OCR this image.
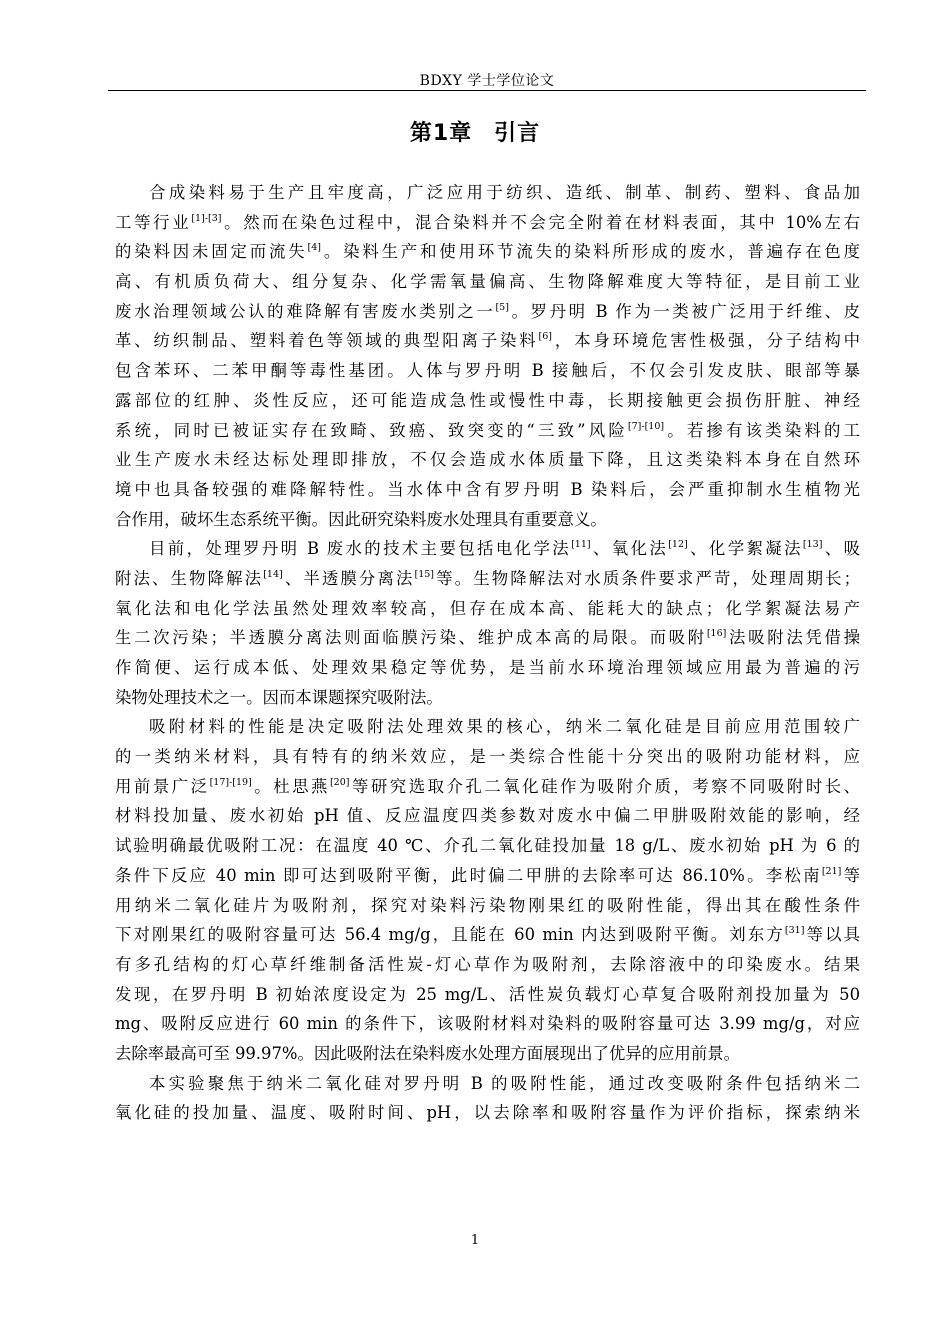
BDXY 学士学位论文
第1章 引言
合成染料易于生产且牢度高，广泛应用于纺织、造纸、制革、制药、塑料、食品加
工等行业[1]-[3]。然而在染色过程中，混合染料并不会完全附着在材料表面，其中 10%左右
的染料因未固定而流失[4]。染料生产和使用环节流失的染料所形成的废水，普遍存在色度
高、有机质负荷大、组分复杂、化学需氧量偏高、生物降解难度大等特征，是目前工业
废水治理领域公认的难降解有害废水类别之一[5]。罗丹明 B 作为一类被广泛用于纤维、皮
革、纺织制品、塑料着色等领域的典型阳离子染料[6]，本身环境危害性极强，分子结构中
包含苯环、二苯甲酮等毒性基团。人体与罗丹明 B 接触后，不仅会引发皮肤、眼部等暴
露部位的红肿、炎性反应，还可能造成急性或慢性中毒，长期接触更会损伤肝脏、神经
系统，同时已被证实存在致畸、致癌、致突变的“三致”风险[7]-[10]。若掺有该类染料的工
业生产废水未经达标处理即排放，不仅会造成水体质量下降，且这类染料本身在自然环
境中也具备较强的难降解特性。当水体中含有罗丹明 B 染料后，会严重抑制水生植物光
合作用，破坏生态系统平衡。因此研究染料废水处理具有重要意义。
目前，处理罗丹明 B 废水的技术主要包括电化学法[11]、氧化法[12]、化学絮凝法[13]、吸
附法、生物降解法[14]、半透膜分离法[15]等。生物降解法对水质条件要求严苛，处理周期长；
氧化法和电化学法虽然处理效率较高，但存在成本高、能耗大的缺点；化学絮凝法易产
生二次污染；半透膜分离法则面临膜污染、维护成本高的局限。而吸附[16]法吸附法凭借操
作简便、运行成本低、处理效果稳定等优势，是当前水环境治理领域应用最为普遍的污
染物处理技术之一。因而本课题探究吸附法。
吸附材料的性能是决定吸附法处理效果的核心，纳米二氧化硅是目前应用范围较广
的一类纳米材料，具有特有的纳米效应，是一类综合性能十分突出的吸附功能材料，应
用前景广泛[17]-[19]。杜思燕[20]等研究选取介孔二氧化硅作为吸附介质，考察不同吸附时长、
材料投加量、废水初始 pH 值、反应温度四类参数对废水中偏二甲肼吸附效能的影响，经
试验明确最优吸附工况：在温度 40 ℃、介孔二氧化硅投加量 18 g/L、废水初始 pH 为 6 的
条件下反应 40 min 即可达到吸附平衡，此时偏二甲肼的去除率可达 86.10%。李松南[21]等
用纳米二氧化硅片为吸附剂，探究对染料污染物刚果红的吸附性能，得出其在酸性条件
下对刚果红的吸附容量可达 56.4 mg/g，且能在 60 min 内达到吸附平衡。刘东方[31]等以具
有多孔结构的灯心草纤维制备活性炭-灯心草作为吸附剂，去除溶液中的印染废水。结果
发现，在罗丹明 B 初始浓度设定为 25 mg/L、活性炭负载灯心草复合吸附剂投加量为 50
mg、吸附反应进行 60 min 的条件下，该吸附材料对染料的吸附容量可达 3.99 mg/g，对应
去除率最高可至 99.97%。因此吸附法在染料废水处理方面展现出了优异的应用前景。
本实验聚焦于纳米二氧化硅对罗丹明 B 的吸附性能，通过改变吸附条件包括纳米二
氧化硅的投加量、温度、吸附时间、pH，以去除率和吸附容量作为评价指标，探索纳米
1
